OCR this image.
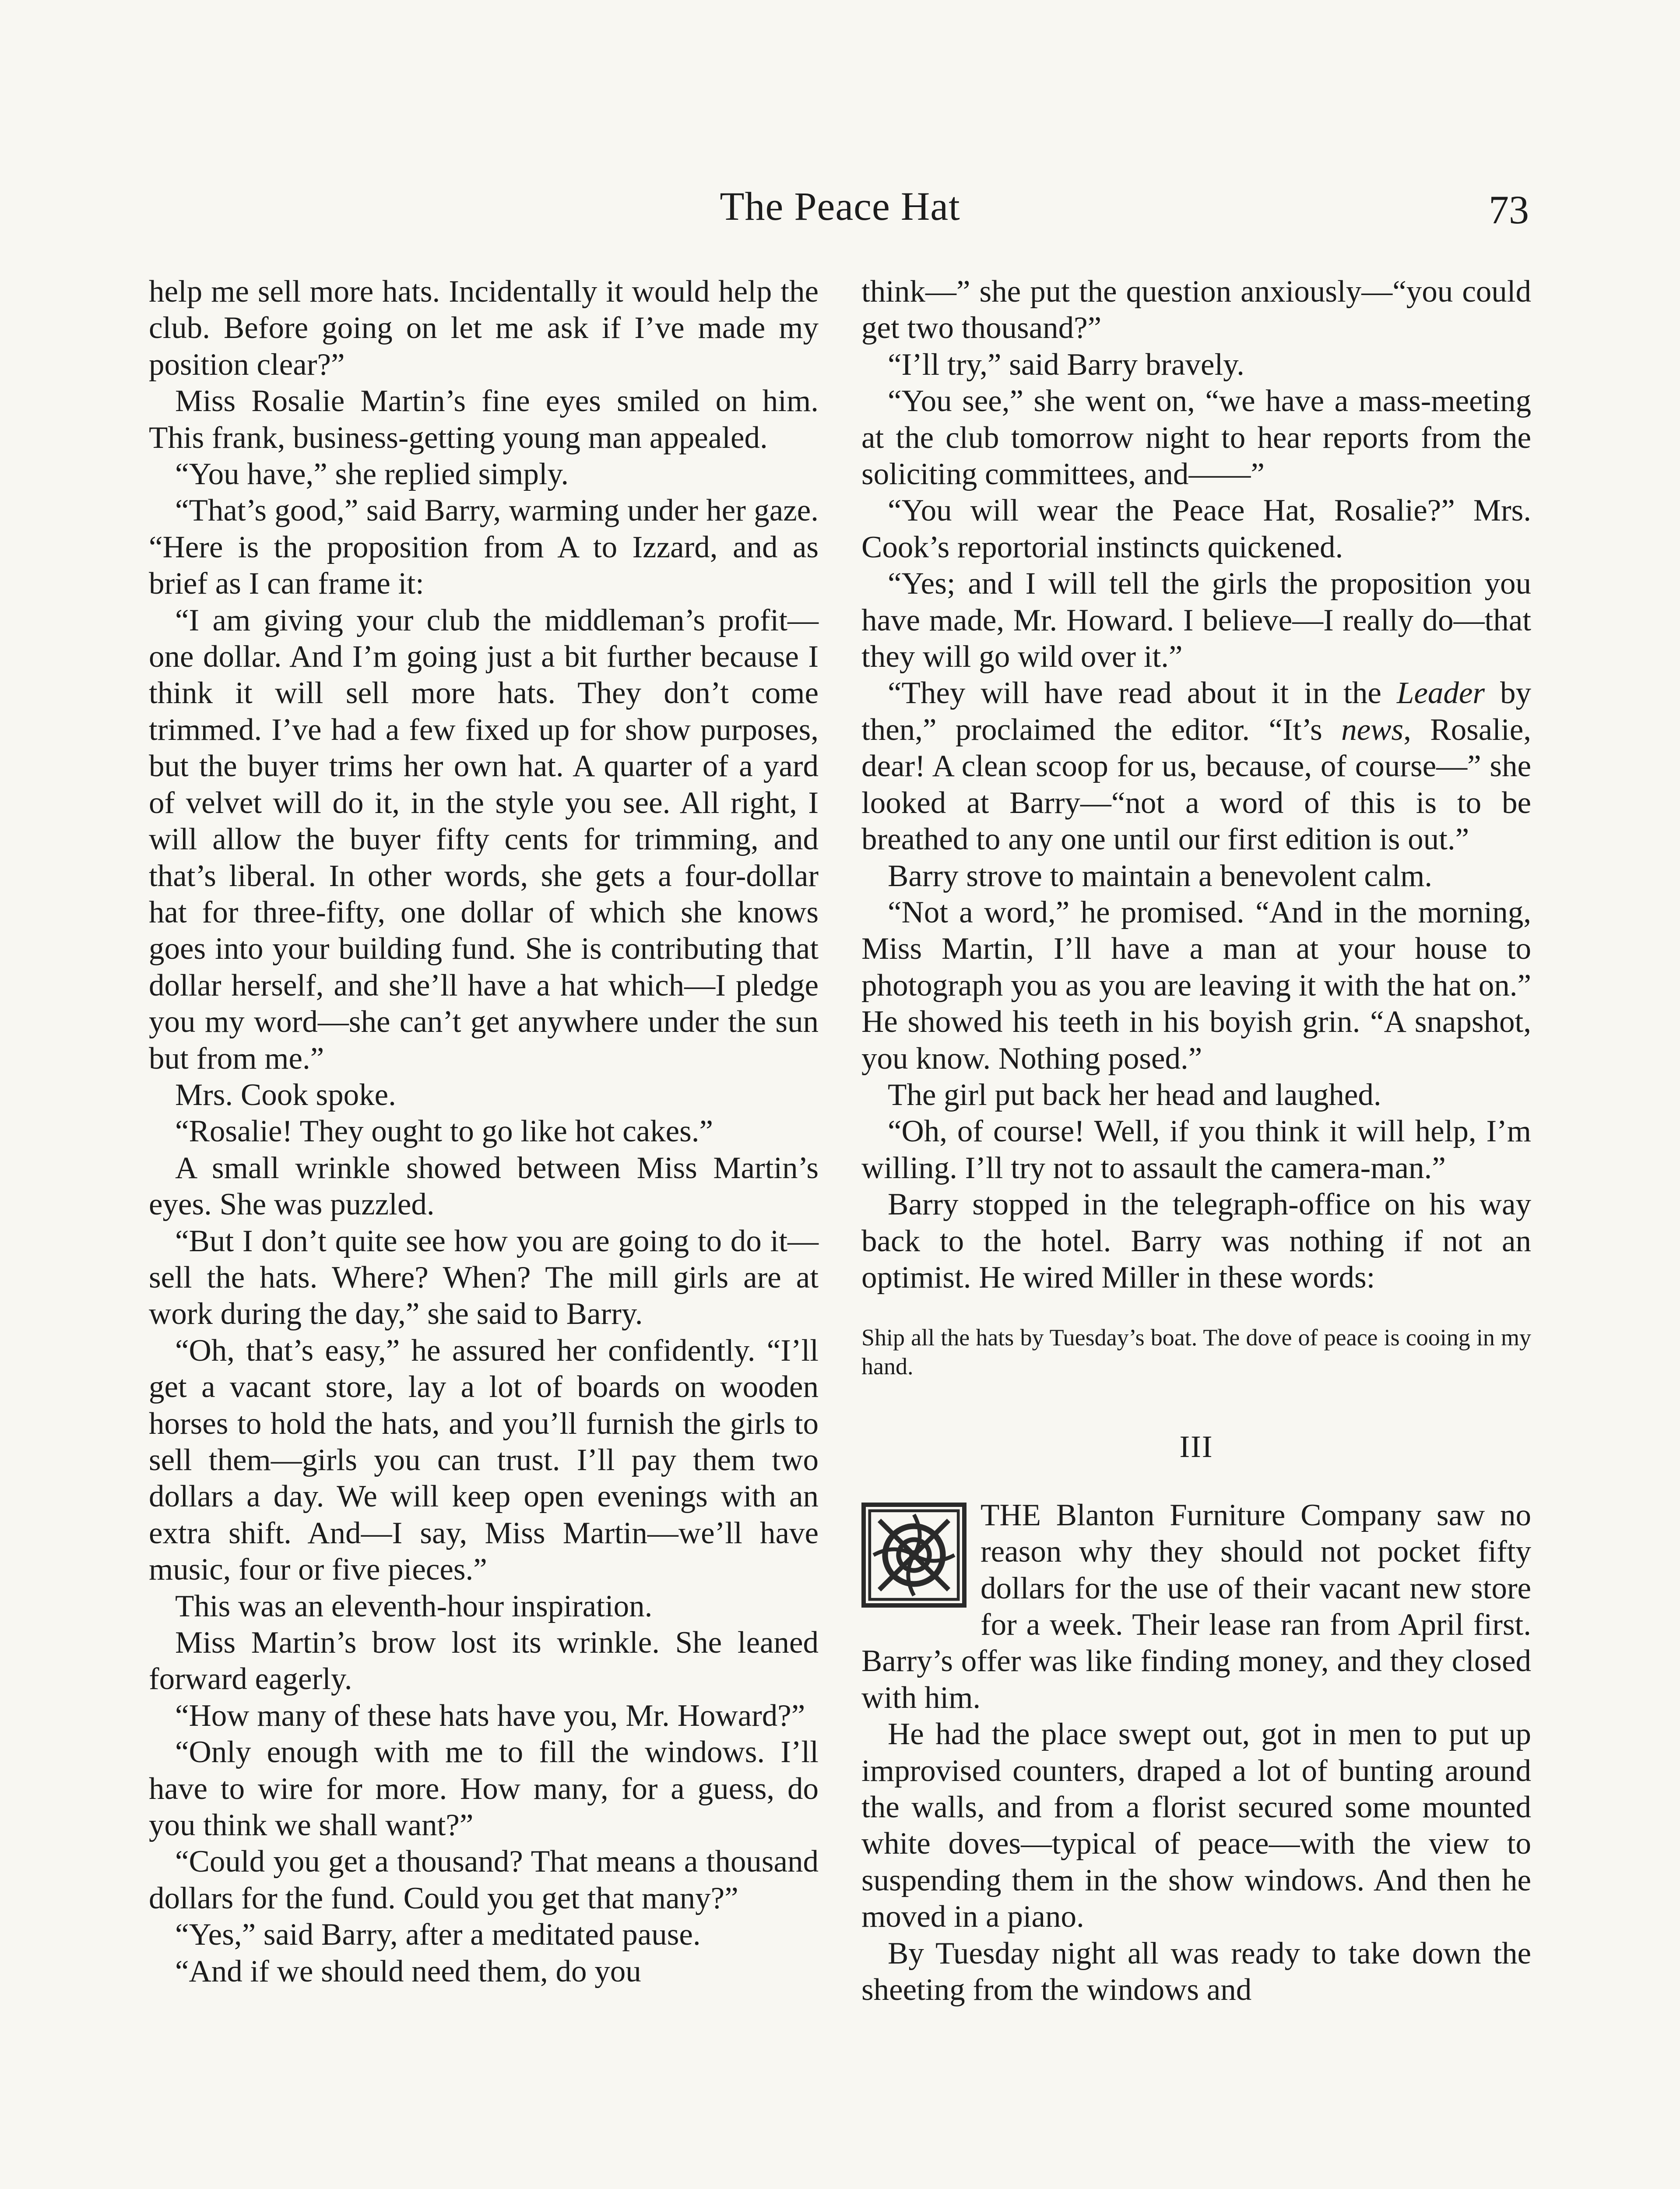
The Peace Hat	73

help me sell more hats. Incidentally it would help the club. Before going on let me ask if I’ve made my position clear?”

Miss Rosalie Martin’s fine eyes smiled on him. This frank, business-getting young man appealed.

“You have,” she replied simply.

“That’s good,” said Barry, warming under her gaze. “Here is the proposition from A to Izzard, and as brief as I can frame it:

“I am giving your club the middleman’s profit—one dollar. And I’m going just a bit further because I think it will sell more hats. They don’t come trimmed. I’ve had a few fixed up for show purposes, but the buyer trims her own hat. A quarter of a yard of velvet will do it, in the style you see. All right, I will allow the buyer fifty cents for trimming, and that’s liberal. In other words, she gets a four-dollar hat for three-fifty, one dollar of which she knows goes into your building fund. She is contributing that dollar herself, and she’ll have a hat which—I pledge you my word—she can’t get anywhere under the sun but from me.”

Mrs. Cook spoke.

“Rosalie! They ought to go like hot cakes.”

A small wrinkle showed between Miss Martin’s eyes. She was puzzled.

“But I don’t quite see how you are going to do it—sell the hats. Where? When? The mill girls are at work during the day,” she said to Barry.

“Oh, that’s easy,” he assured her confidently. “I’ll get a vacant store, lay a lot of boards on wooden horses to hold the hats, and you’ll furnish the girls to sell them—girls you can trust. I’ll pay them two dollars a day. We will keep open evenings with an extra shift. And—I say, Miss Martin—we’ll have music, four or five pieces.”

This was an eleventh-hour inspiration.

Miss Martin’s brow lost its wrinkle. She leaned forward eagerly.

“How many of these hats have you, Mr. Howard?”

“Only enough with me to fill the windows. I’ll have to wire for more. How many, for a guess, do you think we shall want?”

“Could you get a thousand? That means a thousand dollars for the fund. Could you get that many?”

“Yes,” said Barry, after a meditated pause.

“And if we should need them, do you

think—” she put the question anxiously—“you could get two thousand?”

“I’ll try,” said Barry bravely.

“You see,” she went on, “we have a mass-meeting at the club tomorrow night to hear reports from the soliciting committees, and——”

“You will wear the Peace Hat, Rosalie?” Mrs. Cook’s reportorial instincts quickened.

“Yes; and I will tell the girls the proposition you have made, Mr. Howard. I believe—I really do—that they will go wild over it.”

“They will have read about it in the Leader by then,” proclaimed the editor. “It’s news, Rosalie, dear! A clean scoop for us, because, of course—” she looked at Barry—“not a word of this is to be breathed to any one until our first edition is out.”

Barry strove to maintain a benevolent calm.

“Not a word,” he promised. “And in the morning, Miss Martin, I’ll have a man at your house to photograph you as you are leaving it with the hat on.” He showed his teeth in his boyish grin. “A snapshot, you know. Nothing posed.”

The girl put back her head and laughed.

“Oh, of course! Well, if you think it will help, I’m willing. I’ll try not to assault the camera-man.”

Barry stopped in the telegraph-office on his way back to the hotel. Barry was nothing if not an optimist. He wired Miller in these words:

Ship all the hats by Tuesday’s boat. The dove of peace is cooing in my hand.

III

THE Blanton Furniture Company saw no reason why they should not pocket fifty dollars for the use of their vacant new store for a week. Their lease ran from April first. Barry’s offer was like finding money, and they closed with him.

He had the place swept out, got in men to put up improvised counters, draped a lot of bunting around the walls, and from a florist secured some mounted white doves—typical of peace—with the view to suspending them in the show windows. And then he moved in a piano.

By Tuesday night all was ready to take down the sheeting from the windows and
